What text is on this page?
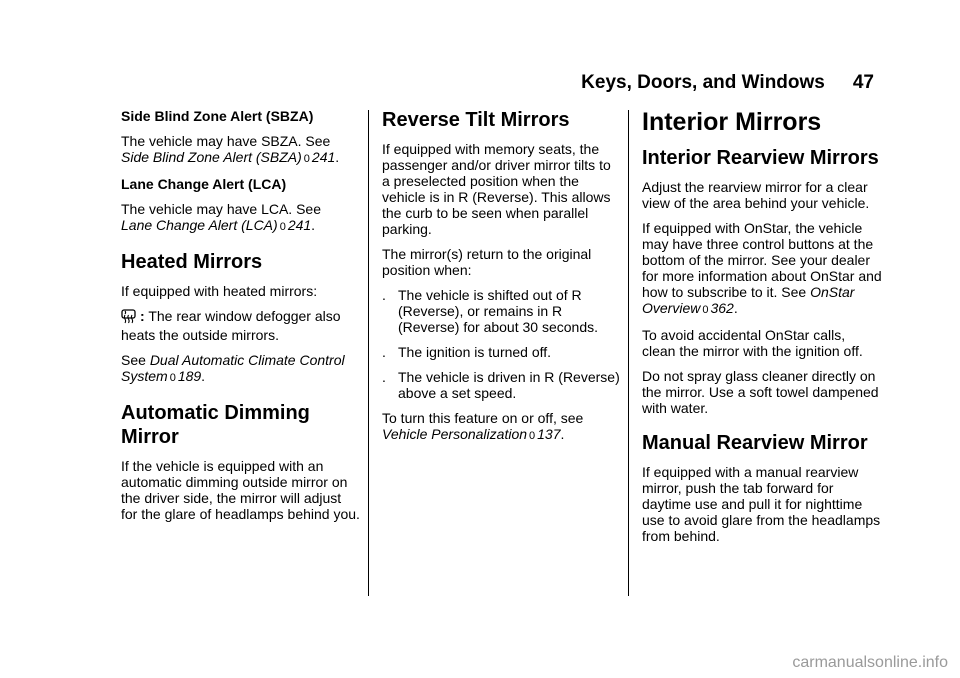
Keys, Doors, and Windows 47
Side Blind Zone Alert (SBZA)

The vehicle may have SBZA. See
Side Blind Zone Alert (SBZA) 0 241.

Lane Change Alert (LCA)

The vehicle may have LCA. See
Lane Change Alert (LCA) 0 241.

Heated Mirrors

If equipped with heated mirrors:

: The rear window defogger also heats the outside mirrors.

See Dual Automatic Climate Control System 0 189.

Automatic Dimming Mirror

If the vehicle is equipped with an automatic dimming outside mirror on the driver side, the mirror will adjust for the glare of headlamps behind you.

Reverse Tilt Mirrors

If equipped with memory seats, the passenger and/or driver mirror tilts to a preselected position when the vehicle is in R (Reverse). This allows the curb to be seen when parallel parking.

The mirror(s) return to the original position when:

. The vehicle is shifted out of R (Reverse), or remains in R (Reverse) for about 30 seconds.
. The ignition is turned off.
. The vehicle is driven in R (Reverse) above a set speed.

To turn this feature on or off, see
Vehicle Personalization 0 137.

Interior Mirrors
Interior Rearview Mirrors

Adjust the rearview mirror for a clear view of the area behind your vehicle.

If equipped with OnStar, the vehicle may have three control buttons at the bottom of the mirror. See your dealer for more information about OnStar and how to subscribe to it. See OnStar Overview 0 362.

To avoid accidental OnStar calls, clean the mirror with the ignition off.

Do not spray glass cleaner directly on the mirror. Use a soft towel dampened with water.

Manual Rearview Mirror

If equipped with a manual rearview mirror, push the tab forward for daytime use and pull it for nighttime use to avoid glare from the headlamps from behind.

carmanualsonline.info
